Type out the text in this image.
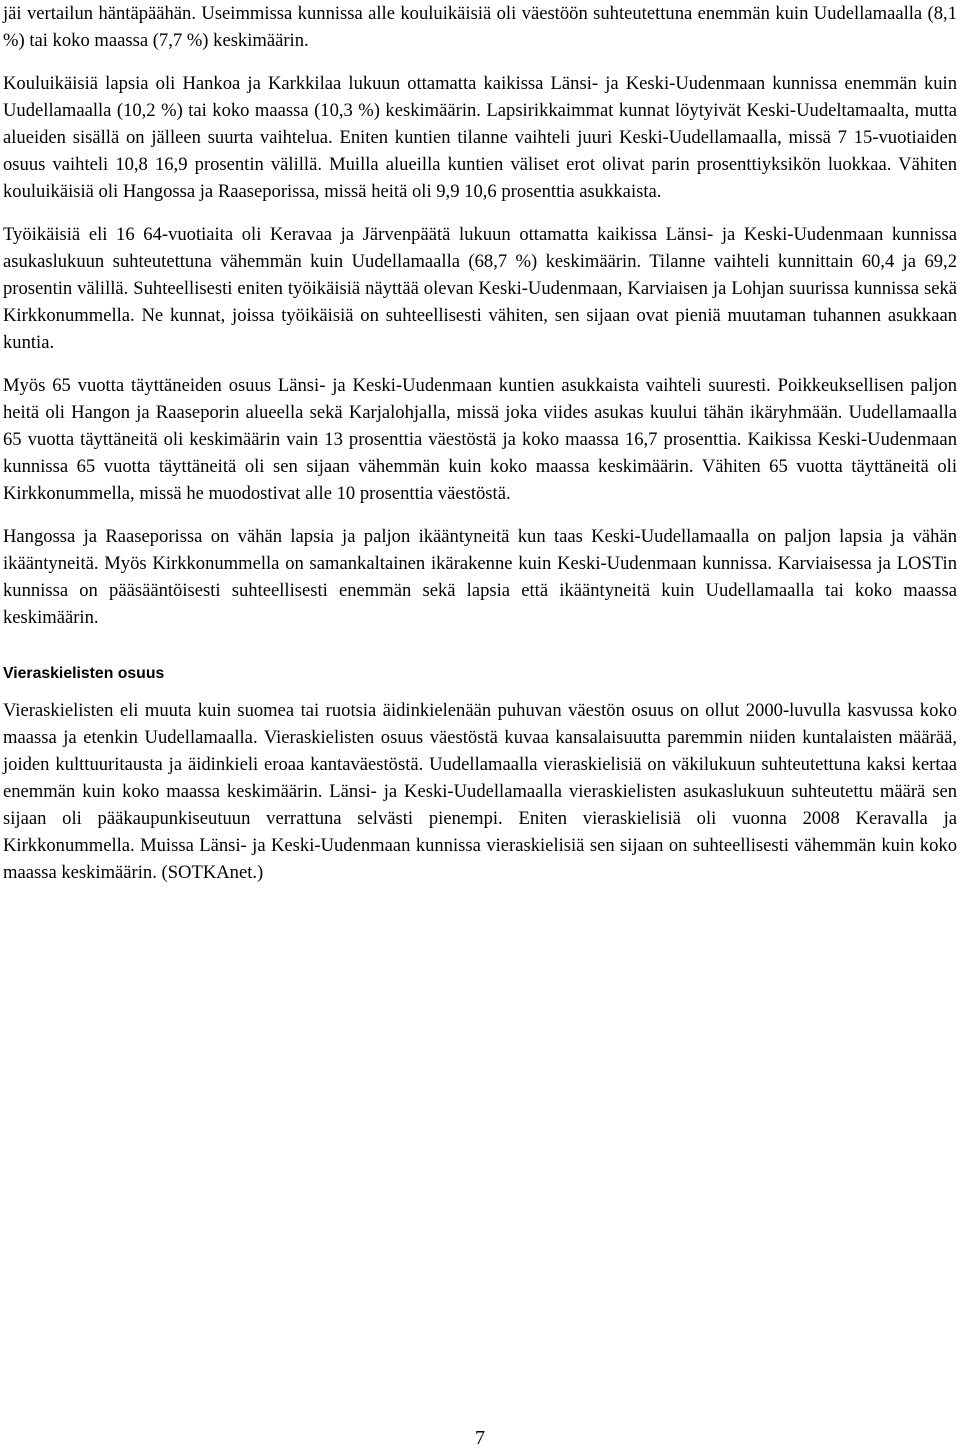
jäi vertailun häntäpäähän. Useimmissa kunnissa alle kouluikäisiä oli väestöön suhteutettuna enemmän kuin Uudellamaalla (8,1 %) tai koko maassa (7,7 %) keskimäärin.

Kouluikäisiä lapsia oli Hankoa ja Karkkilaa lukuun ottamatta kaikissa Länsi- ja Keski-Uudenmaan kunnissa enemmän kuin Uudellamaalla (10,2 %) tai koko maassa (10,3 %) keskimäärin. Lapsirikkaimmat kunnat löytyivät Keski-Uudeltamaalta, mutta alueiden sisällä on jälleen suurta vaihtelua. Eniten kuntien tilanne vaihteli juuri Keski-Uudellamaalla, missä 7 15-vuotiaiden osuus vaihteli 10,8 16,9 prosentin välillä. Muilla alueilla kuntien väliset erot olivat parin prosenttiyksikön luokkaa. Vähiten kouluikäisiä oli Hangossa ja Raaseporissa, missä heitä oli 9,9 10,6 prosenttia asukkaista.

Työikäisiä eli 16 64-vuotiaita oli Keravaa ja Järvenpäätä lukuun ottamatta kaikissa Länsi- ja Keski-Uudenmaan kunnissa asukaslukuun suhteutettuna vähemmän kuin Uudellamaalla (68,7 %) keskimäärin. Tilanne vaihteli kunnittain 60,4 ja 69,2 prosentin välillä. Suhteellisesti eniten työikäisiä näyttää olevan Keski-Uudenmaan, Karviaisen ja Lohjan suurissa kunnissa sekä Kirkkonummella. Ne kunnat, joissa työikäisiä on suhteellisesti vähiten, sen sijaan ovat pieniä muutaman tuhannen asukkaan kuntia.

Myös 65 vuotta täyttäneiden osuus Länsi- ja Keski-Uudenmaan kuntien asukkaista vaihteli suuresti. Poikkeuksellisen paljon heitä oli Hangon ja Raaseporin alueella sekä Karjalohjalla, missä joka viides asukas kuului tähän ikäryhmään. Uudellamaalla 65 vuotta täyttäneitä oli keskimäärin vain 13 prosenttia väestöstä ja koko maassa 16,7 prosenttia. Kaikissa Keski-Uudenmaan kunnissa 65 vuotta täyttäneitä oli sen sijaan vähemmän kuin koko maassa keskimäärin. Vähiten 65 vuotta täyttäneitä oli Kirkkonummella, missä he muodostivat alle 10 prosenttia väestöstä.

Hangossa ja Raaseporissa on vähän lapsia ja paljon ikääntyneitä kun taas Keski-Uudellamaalla on paljon lapsia ja vähän ikääntyneitä. Myös Kirkkonummella on samankaltainen ikärakenne kuin Keski-Uudenmaan kunnissa. Karviaisessa ja LOSTin kunnissa on pääsääntöisesti suhteellisesti enemmän sekä lapsia että ikääntyneitä kuin Uudellamaalla tai koko maassa keskimäärin.

Vieraskielisten osuus

Vieraskielisten eli muuta kuin suomea tai ruotsia äidinkielenään puhuvan väestön osuus on ollut 2000-luvulla kasvussa koko maassa ja etenkin Uudellamaalla. Vieraskielisten osuus väestöstä kuvaa kansalaisuutta paremmin niiden kuntalaisten määrää, joiden kulttuuritausta ja äidinkieli eroaa kantaväestöstä. Uudellamaalla vieraskielisiä on väkilukuun suhteutettuna kaksi kertaa enemmän kuin koko maassa keskimäärin. Länsi- ja Keski-Uudellamaalla vieraskielisten asukaslukuun suhteutettu määrä sen sijaan oli pääkaupunkiseutuun verrattuna selvästi pienempi. Eniten vieraskielisiä oli vuonna 2008 Keravalla ja Kirkkonummella. Muissa Länsi- ja Keski-Uudenmaan kunnissa vieraskielisiä sen sijaan on suhteellisesti vähemmän kuin koko maassa keskimäärin. (SOTKAnet.)

7
